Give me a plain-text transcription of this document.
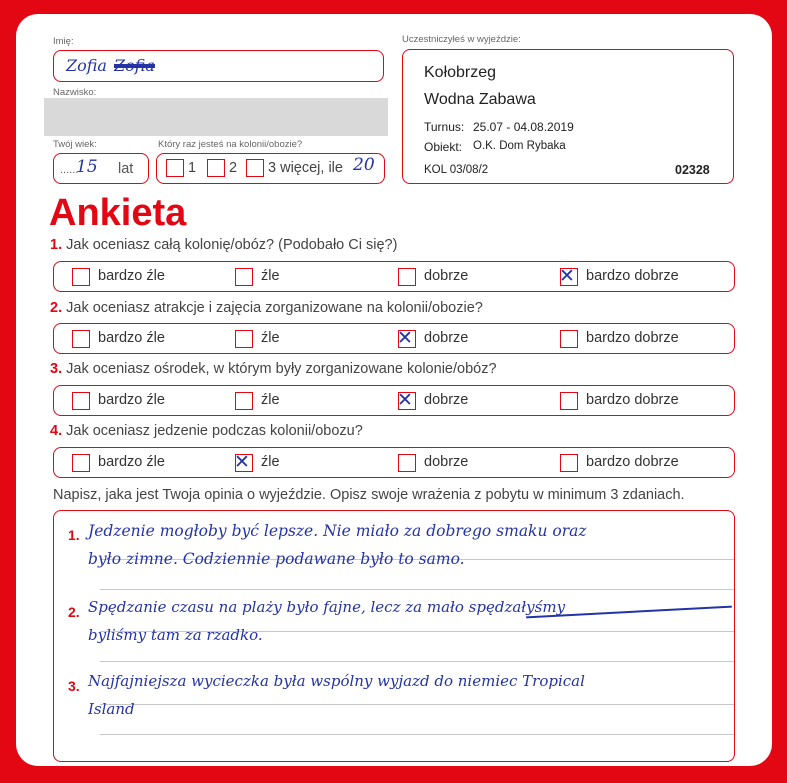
Imię:
Zofia Zofia
Nazwisko:
Twój wiek:
......
15 lat
Który raz jesteś na kolonii/obozie?
1 2 3 więcej, ile 20
Uczestniczyłeś w wyjeździe:
Kołobrzeg
Wodna Zabawa
Turnus: 25.07 - 04.08.2019
Obiekt: O.K. Dom Rybaka
KOL 03/08/2	02328
Ankieta
1. Jak oceniasz całą kolonię/obóz? (Podobało Ci się?)
bardzo źle	źle	dobrze	✕ bardzo dobrze
2. Jak oceniasz atrakcje i zajęcia zorganizowane na kolonii/obozie?
bardzo źle	źle	✕ dobrze	bardzo dobrze
3. Jak oceniasz ośrodek, w którym były zorganizowane kolonie/obóz?
bardzo źle	źle	✕ dobrze	bardzo dobrze
4. Jak oceniasz jedzenie podczas kolonii/obozu?
bardzo źle	✕ źle	dobrze	bardzo dobrze
Napisz, jaka jest Twoja opinia o wyjeździe. Opisz swoje wrażenia z pobytu w minimum 3 zdaniach.
1. Jedzenie mogłoby być lepsze. Nie miało za dobrego smaku oraz
było zimne. Codziennie podawane było to samo.
2. Spędzanie czasu na plaży było fajne, lecz za mało spędzałyśmy
byliśmy tam za rzadko.
3. Najfajniejsza wycieczka była wspólny wyjazd do niemiec Tropical
Island
